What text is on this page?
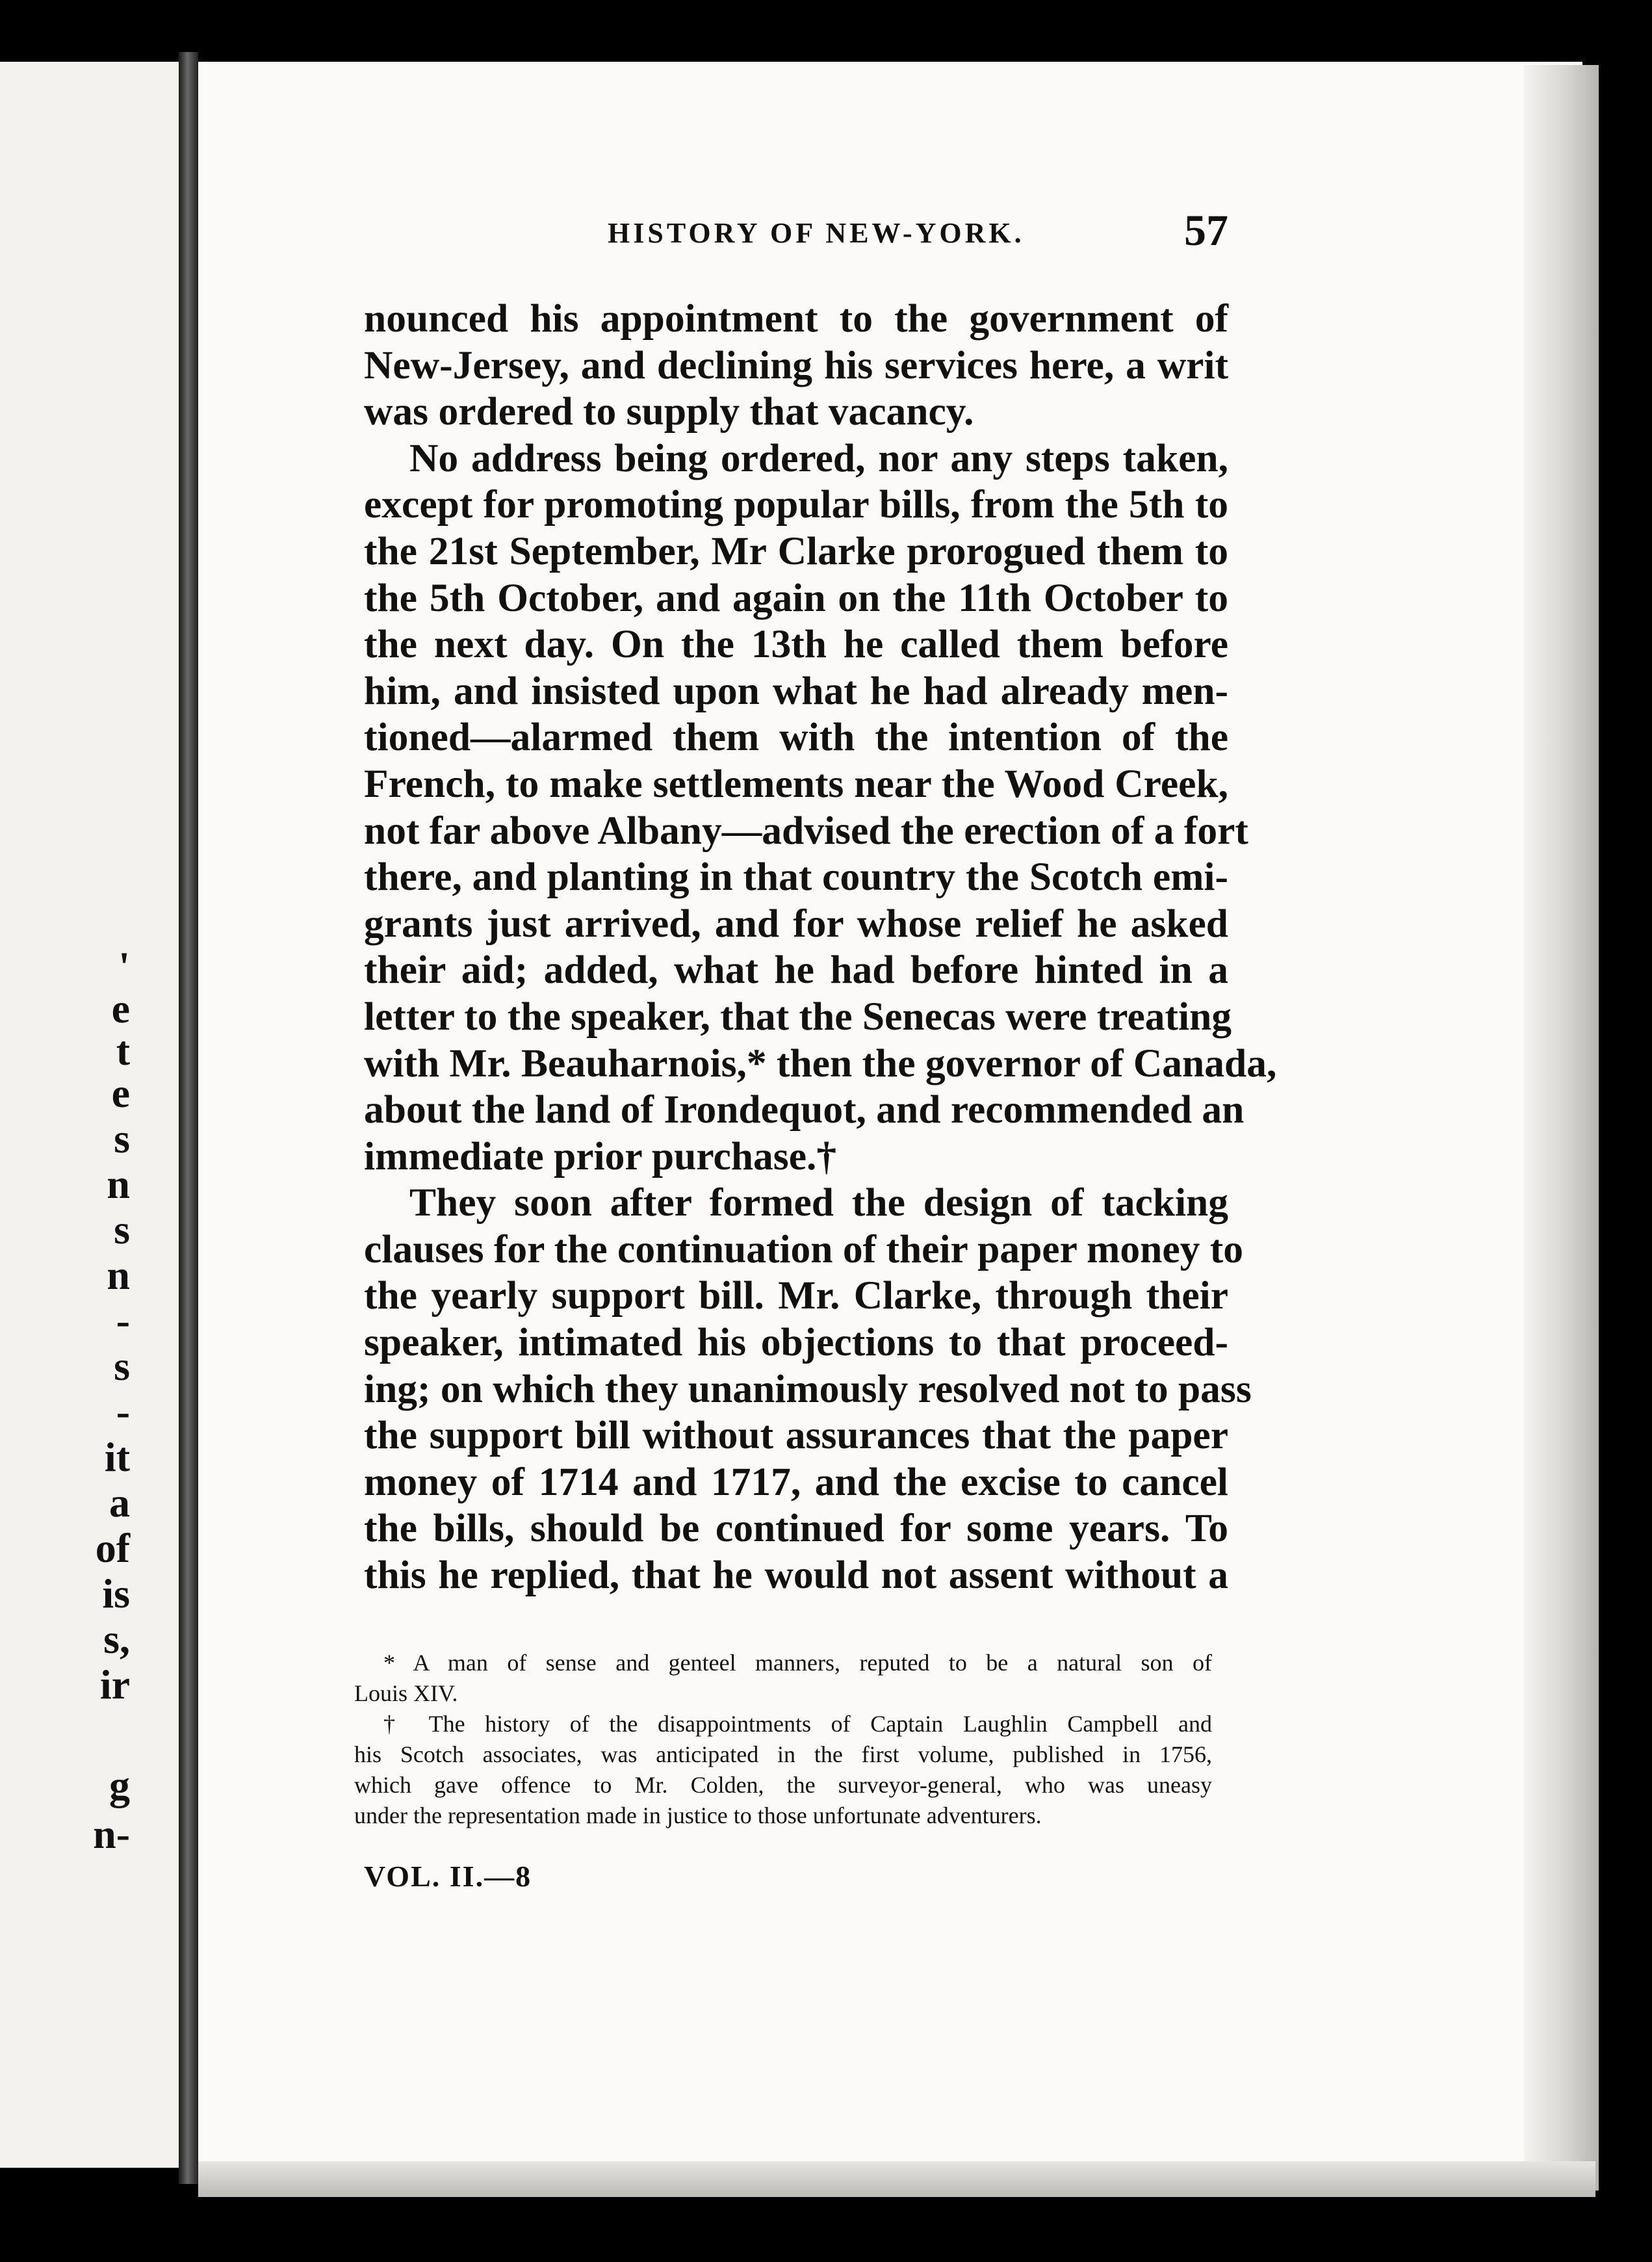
'
e
t
e
s
n
s
n
-
s
-
it
a
of
is
s,
ir
g
n-
HISTORY OF NEW-YORK.	57
nounced his appointment to the government of
New-Jersey, and declining his services here, a writ
was ordered to supply that vacancy.
No address being ordered, nor any steps taken,
except for promoting popular bills, from the 5th to
the 21st September, Mr Clarke prorogued them to
the 5th October, and again on the 11th October to
the next day. On the 13th he called them before
him, and insisted upon what he had already men-
tioned—alarmed them with the intention of the
French, to make settlements near the Wood Creek,
not far above Albany—advised the erection of a fort
there, and planting in that country the Scotch emi-
grants just arrived, and for whose relief he asked
their aid; added, what he had before hinted in a
letter to the speaker, that the Senecas were treating
with Mr. Beauharnois,* then the governor of Canada,
about the land of Irondequot, and recommended an
immediate prior purchase.†
They soon after formed the design of tacking
clauses for the continuation of their paper money to
the yearly support bill. Mr. Clarke, through their
speaker, intimated his objections to that proceed-
ing; on which they unanimously resolved not to pass
the support bill without assurances that the paper
money of 1714 and 1717, and the excise to cancel
the bills, should be continued for some years. To
this he replied, that he would not assent without a
* A man of sense and genteel manners, reputed to be a natural son of
Louis XIV.
† The history of the disappointments of Captain Laughlin Campbell and
his Scotch associates, was anticipated in the first volume, published in 1756,
which gave offence to Mr. Colden, the surveyor-general, who was uneasy
under the representation made in justice to those unfortunate adventurers.
VOL. II.—8
